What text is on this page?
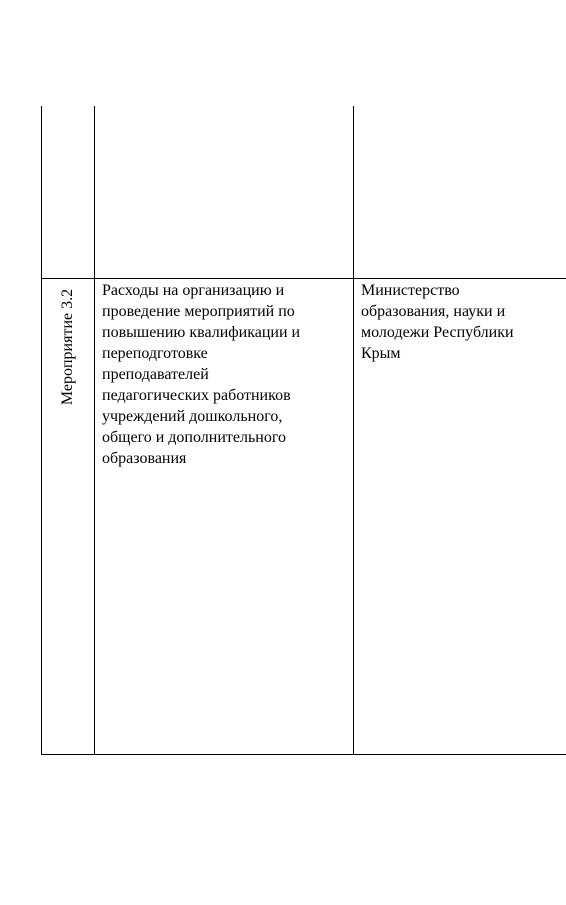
Мероприятие 3.2 Расходы на организацию и
проведение мероприятий по
повышению квалификации и
переподготовке
преподавателей
педагогических работников
учреждений дошкольного,
общего и дополнительного
образования
Министерство
образования, науки и
молодежи Республики
Крым
